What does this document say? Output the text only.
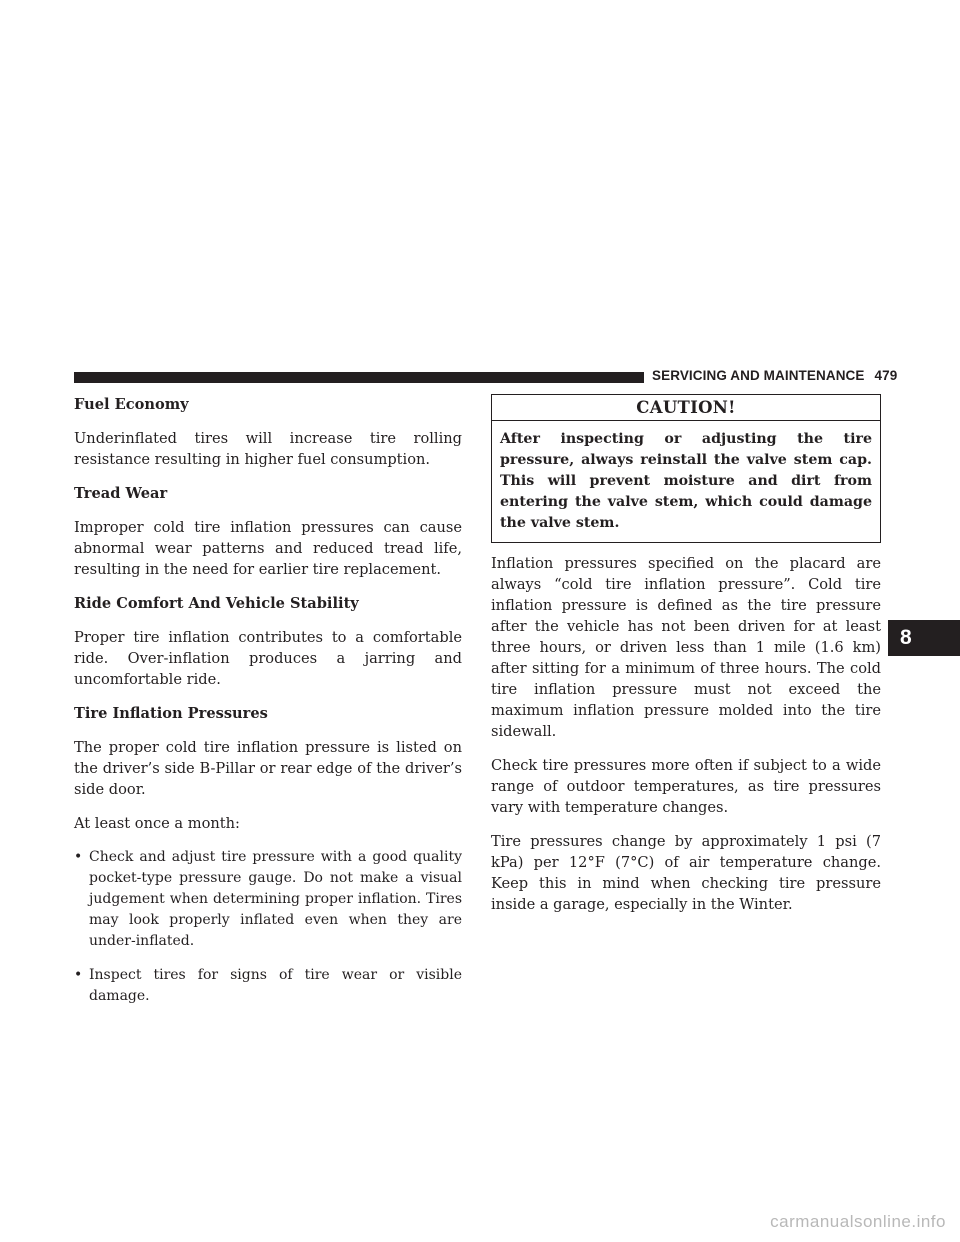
SERVICING AND MAINTENANCE 479
Fuel Economy

Underinflated tires will increase tire rolling resistance resulting in higher fuel consumption.

Tread Wear

Improper cold tire inflation pressures can cause abnormal wear patterns and reduced tread life, resulting in the need for earlier tire replacement.

Ride Comfort And Vehicle Stability

Proper tire inflation contributes to a comfortable ride. Over-inflation produces a jarring and uncomfortable ride.

Tire Inflation Pressures

The proper cold tire inflation pressure is listed on the driver’s side B-Pillar or rear edge of the driver’s side door.

At least once a month:

• Check and adjust tire pressure with a good quality pocket-type pressure gauge. Do not make a visual judgement when determining proper inflation. Tires may look properly inflated even when they are under-inflated.
• Inspect tires for signs of tire wear or visible damage.
CAUTION!
After inspecting or adjusting the tire pressure, always reinstall the valve stem cap. This will prevent moisture and dirt from entering the valve stem, which could damage the valve stem.

Inflation pressures specified on the placard are always “cold tire inflation pressure”. Cold tire inflation pressure is defined as the tire pressure after the vehicle has not been driven for at least three hours, or driven less than 1 mile (1.6 km) after sitting for a minimum of three hours. The cold tire inflation pressure must not exceed the maximum inflation pressure molded into the tire sidewall.

Check tire pressures more often if subject to a wide range of outdoor temperatures, as tire pressures vary with temperature changes.

Tire pressures change by approximately 1 psi (7 kPa) per 12°F (7°C) of air temperature change. Keep this in mind when checking tire pressure inside a garage, especially in the Winter.

8
carmanualsonline.info
